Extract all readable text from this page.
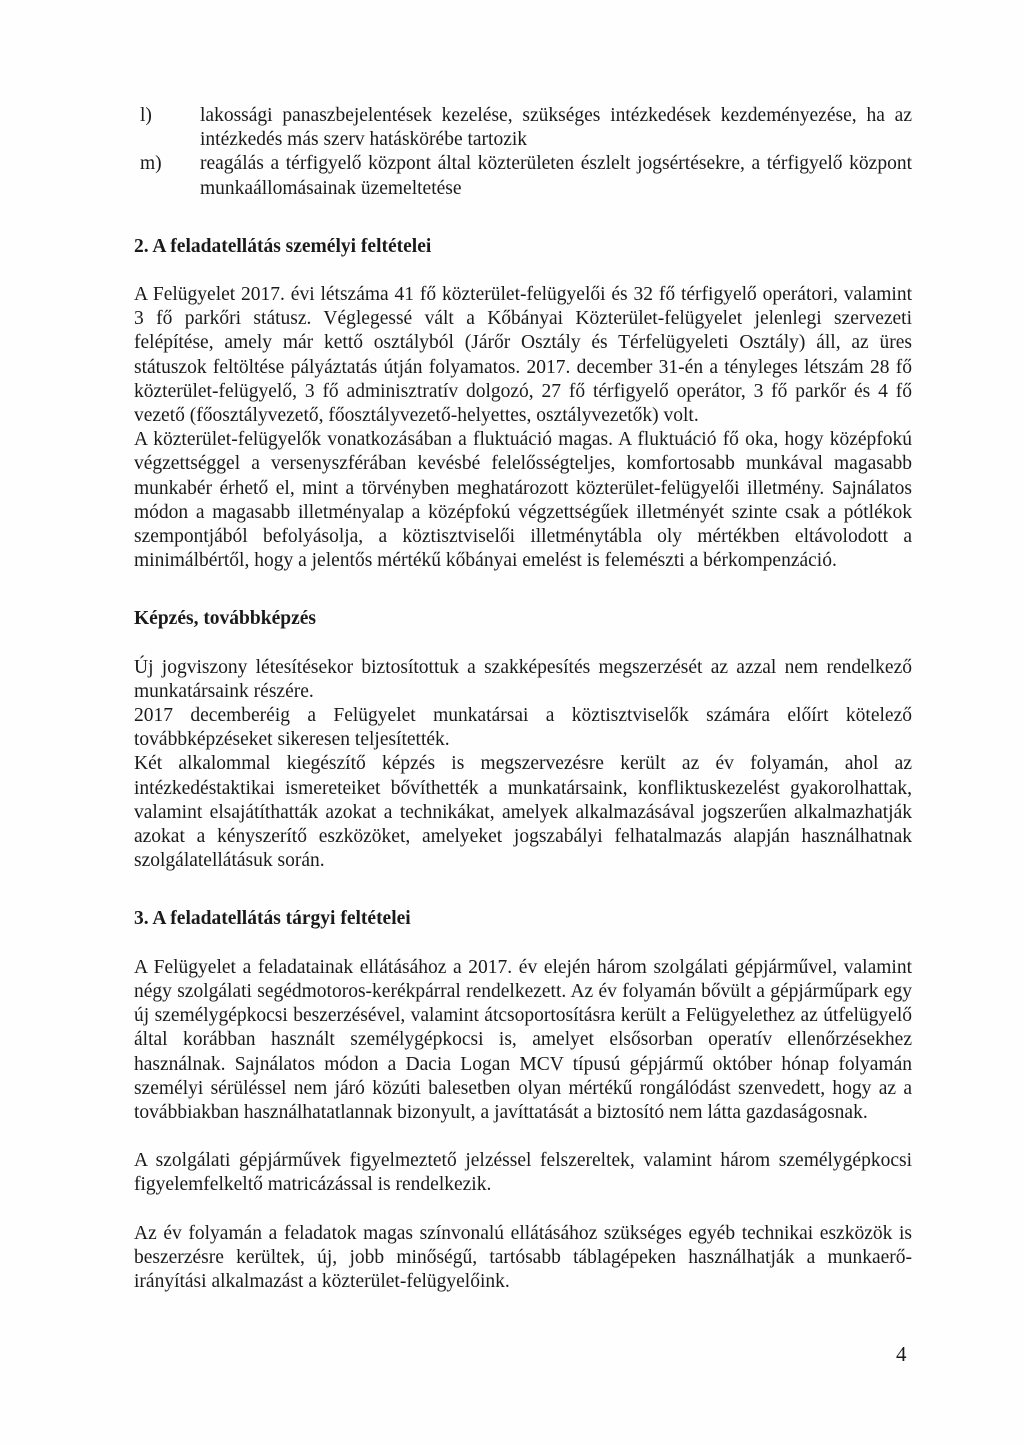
l)	lakossági panaszbejelentések kezelése, szükséges intézkedések kezdeményezése, ha az intézkedés más szerv hatáskörébe tartozik
m)	reagálás a térfigyelő központ által közterületen észlelt jogsértésekre, a térfigyelő központ munkaállomásainak üzemeltetése

2. A feladatellátás személyi feltételei

A Felügyelet 2017. évi létszáma 41 fő közterület-felügyelői és 32 fő térfigyelő operátori, valamint 3 fő parkőri státusz. Véglegessé vált a Kőbányai Közterület-felügyelet jelenlegi szervezeti felépítése, amely már kettő osztályból (Járőr Osztály és Térfelügyeleti Osztály) áll, az üres státuszok feltöltése pályáztatás útján folyamatos. 2017. december 31-én a tényleges létszám 28 fő közterület-felügyelő, 3 fő adminisztratív dolgozó, 27 fő térfigyelő operátor, 3 fő parkőr és 4 fő vezető (főosztályvezető, főosztályvezető-helyettes, osztályvezetők) volt.

A közterület-felügyelők vonatkozásában a fluktuáció magas. A fluktuáció fő oka, hogy középfokú végzettséggel a versenyszférában kevésbé felelősségteljes, komfortosabb munkával magasabb munkabér érhető el, mint a törvényben meghatározott közterület-felügyelői illetmény. Sajnálatos módon a magasabb illetményalap a középfokú végzettségűek illetményét szinte csak a pótlékok szempontjából befolyásolja, a köztisztviselői illetménytábla oly mértékben eltávolodott a minimálbértől, hogy a jelentős mértékű kőbányai emelést is felemészti a bérkompenzáció.

Képzés, továbbképzés

Új jogviszony létesítésekor biztosítottuk a szakképesítés megszerzését az azzal nem rendelkező munkatársaink részére.

2017 decemberéig a Felügyelet munkatársai a köztisztviselők számára előírt kötelező továbbképzéseket sikeresen teljesítették.

Két alkalommal kiegészítő képzés is megszervezésre került az év folyamán, ahol az intézkedéstaktikai ismereteiket bővíthették a munkatársaink, konfliktuskezelést gyakorolhattak, valamint elsajátíthatták azokat a technikákat, amelyek alkalmazásával jogszerűen alkalmazhatják azokat a kényszerítő eszközöket, amelyeket jogszabályi felhatalmazás alapján használhatnak szolgálatellátásuk során.

3. A feladatellátás tárgyi feltételei

A Felügyelet a feladatainak ellátásához a 2017. év elején három szolgálati gépjárművel, valamint négy szolgálati segédmotoros-kerékpárral rendelkezett. Az év folyamán bővült a gépjárműpark egy új személygépkocsi beszerzésével, valamint átcsoportosításra került a Felügyelethez az útfelügyelő által korábban használt személygépkocsi is, amelyet elsősorban operatív ellenőrzésekhez használnak. Sajnálatos módon a Dacia Logan MCV típusú gépjármű október hónap folyamán személyi sérüléssel nem járó közúti balesetben olyan mértékű rongálódást szenvedett, hogy az a továbbiakban használhatatlannak bizonyult, a javíttatását a biztosító nem látta gazdaságosnak.

A szolgálati gépjárművek figyelmeztető jelzéssel felszereltek, valamint három személygépkocsi figyelemfelkeltő matricázással is rendelkezik.

Az év folyamán a feladatok magas színvonalú ellátásához szükséges egyéb technikai eszközök is beszerzésre kerültek, új, jobb minőségű, tartósabb táblagépeken használhatják a munkaerő-irányítási alkalmazást a közterület-felügyelőink.

4
